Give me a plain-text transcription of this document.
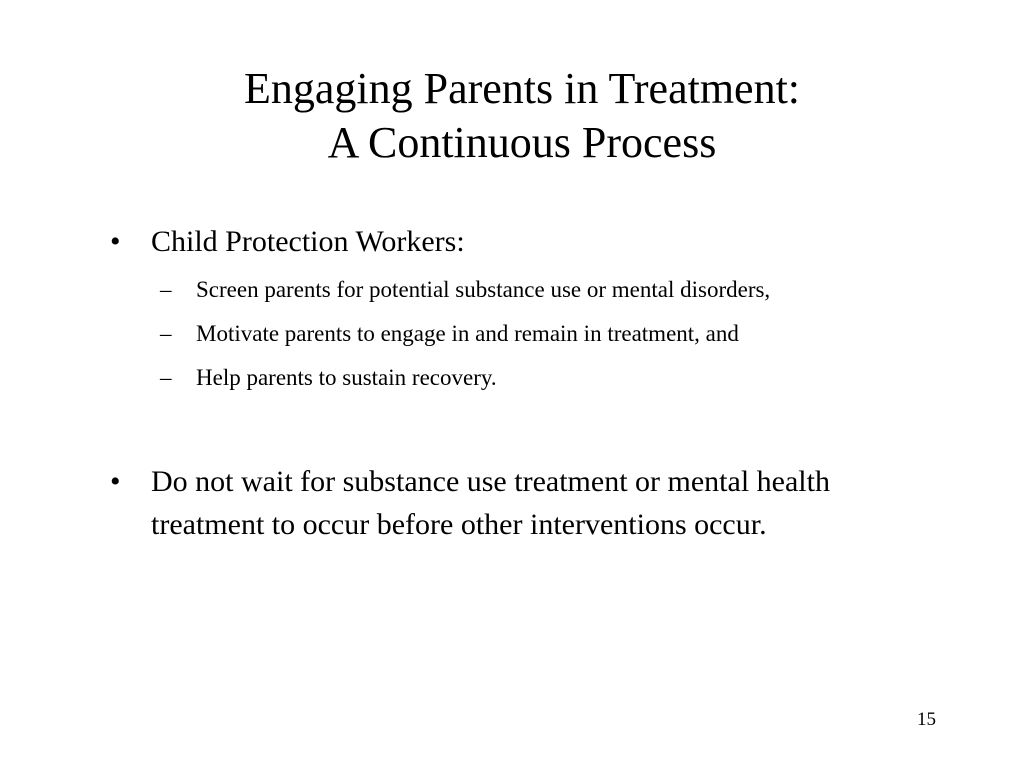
Engaging Parents in Treatment:
A Continuous Process
•	Child Protection Workers:
–	Screen parents for potential substance use or mental disorders,
–	Motivate parents to engage in and remain in treatment, and
–	Help parents to sustain recovery.
•	Do not wait for substance use treatment or mental health treatment to occur before other interventions occur.
15
